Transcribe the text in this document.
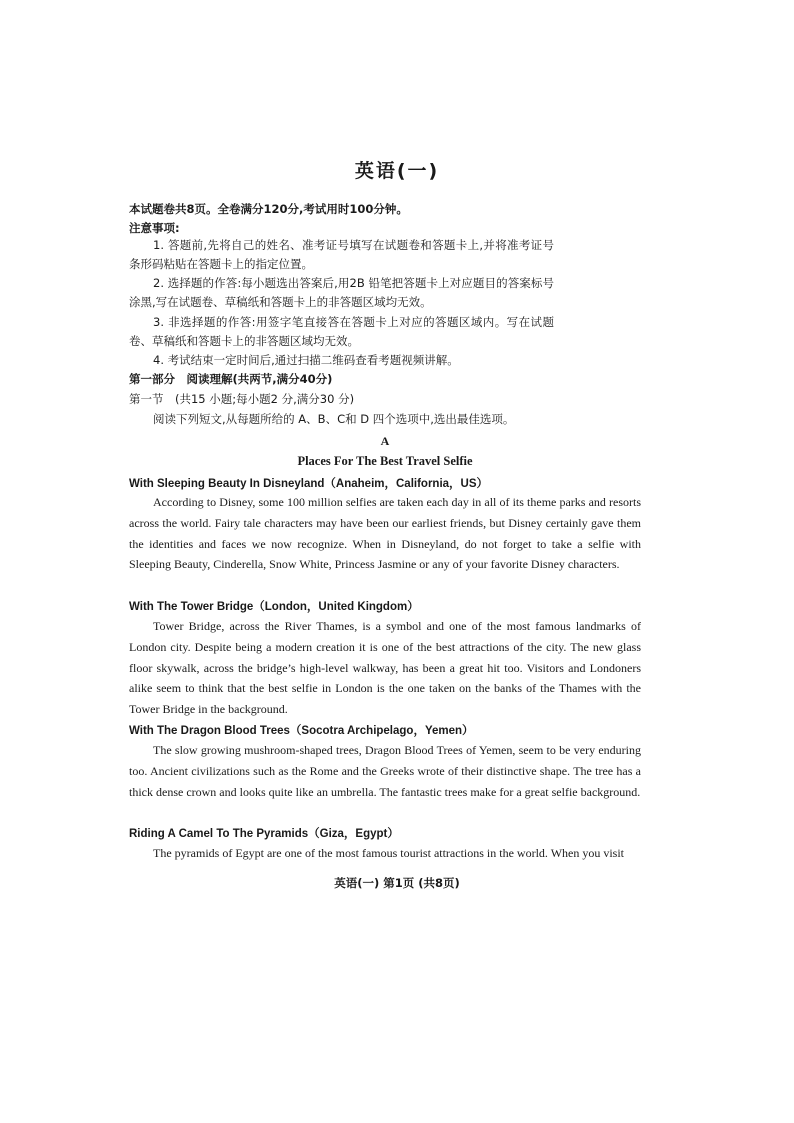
英语(一)
本试题卷共8页。全卷满分120分,考试用时100分钟。
注意事项:
1. 答题前,先将自己的姓名、准考证号填写在试题卷和答题卡上,并将准考证号条形码粘贴在答题卡上的指定位置。
2. 选择题的作答:每小题选出答案后,用2B 铅笔把答题卡上对应题目的答案标号涂黑,写在试题卷、草稿纸和答题卡上的非答题区域均无效。
3. 非选择题的作答:用签字笔直接答在答题卡上对应的答题区域内。写在试题卷、草稿纸和答题卡上的非答题区域均无效。
4. 考试结束一定时间后,通过扫描二维码查看考题视频讲解。
第一部分　阅读理解(共两节,满分40分)
第一节　(共15 小题;每小题2 分,满分30 分)
阅读下列短文,从每题所给的 A、B、C和 D 四个选项中,选出最佳选项。
A
Places For The Best Travel Selfie
With Sleeping Beauty In Disneyland（Anaheim，California，US）
According to Disney, some 100 million selfies are taken each day in all of its theme parks and resorts across the world. Fairy tale characters may have been our earliest friends, but Disney certainly gave them the identities and faces we now recognize. When in Disneyland, do not forget to take a selfie with Sleeping Beauty, Cinderella, Snow White, Princess Jasmine or any of your favorite Disney characters.
With The Tower Bridge（London，United Kingdom）
Tower Bridge, across the River Thames, is a symbol and one of the most famous landmarks of London city. Despite being a modern creation it is one of the best attractions of the city. The new glass floor skywalk, across the bridge’s high-level walkway, has been a great hit too. Visitors and Londoners alike seem to think that the best selfie in London is the one taken on the banks of the Thames with the Tower Bridge in the background.
With The Dragon Blood Trees（Socotra Archipelago，Yemen）
The slow growing mushroom-shaped trees, Dragon Blood Trees of Yemen, seem to be very enduring too. Ancient civilizations such as the Rome and the Greeks wrote of their distinctive shape. The tree has a thick dense crown and looks quite like an umbrella. The fantastic trees make for a great selfie background.
Riding A Camel To The Pyramids（Giza，Egypt）
The pyramids of Egypt are one of the most famous tourist attractions in the world. When you visit
英语(一) 第1页 (共8页)
